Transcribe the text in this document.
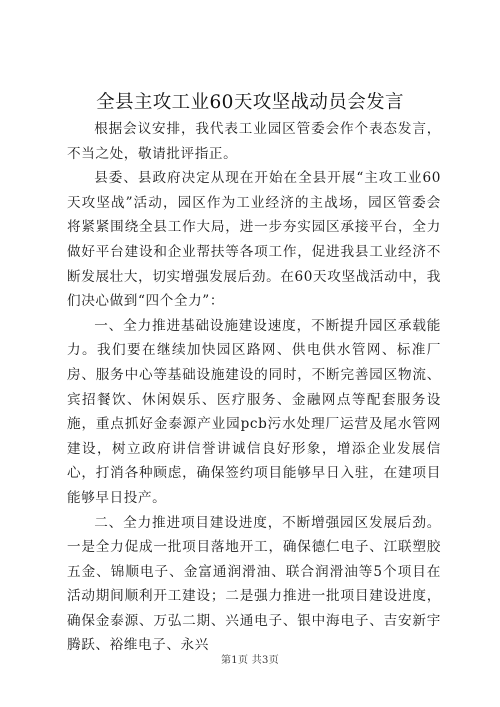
全县主攻工业60天攻坚战动员会发言

根据会议安排，我代表工业园区管委会作个表态发言，不当之处，敬请批评指正。

县委、县政府决定从现在开始在全县开展“主攻工业60天攻坚战”活动，园区作为工业经济的主战场，园区管委会将紧紧围绕全县工作大局，进一步夯实园区承接平台，全力做好平台建设和企业帮扶等各项工作，促进我县工业经济不断发展壮大，切实增强发展后劲。在60天攻坚战活动中，我们决心做到“四个全力”：

一、全力推进基础设施建设速度，不断提升园区承载能力。我们要在继续加快园区路网、供电供水管网、标准厂房、服务中心等基础设施建设的同时，不断完善园区物流、宾招餐饮、休闲娱乐、医疗服务、金融网点等配套服务设施，重点抓好金泰源产业园pcb污水处理厂运营及尾水管网建设，树立政府讲信誉讲诚信良好形象，增添企业发展信心，打消各种顾虑，确保签约项目能够早日入驻，在建项目能够早日投产。

二、全力推进项目建设进度，不断增强园区发展后劲。一是全力促成一批项目落地开工，确保德仁电子、江联塑胶五金、锦顺电子、金富通润滑油、联合润滑油等5个项目在活动期间顺利开工建设；二是强力推进一批项目建设进度，确保金泰源、万弘二期、兴通电子、银中海电子、吉安新宇腾跃、裕维电子、永兴

第1页 共3页
